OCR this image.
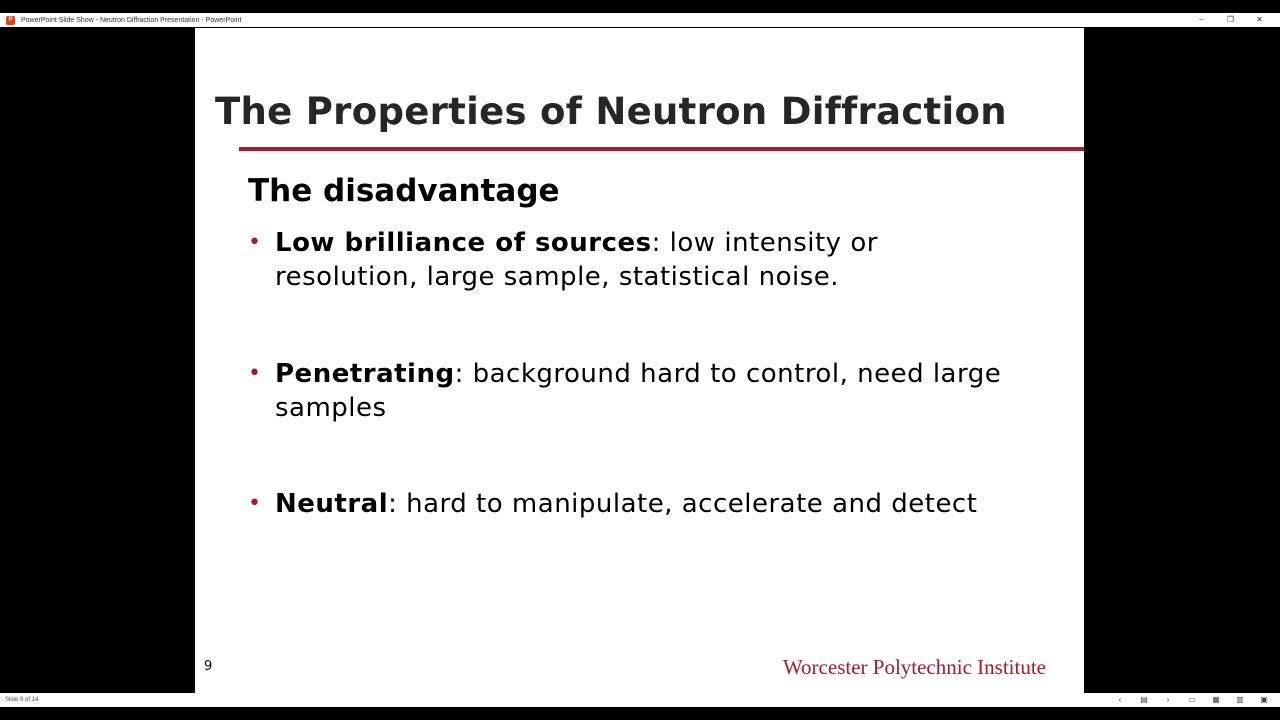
P	PowerPoint Slide Show - Neutron Diffraction Presentation - PowerPoint	–	❐	✕
The Properties of Neutron Diffraction
The disadvantage
• Low brilliance of sources: low intensity or resolution, large sample, statistical noise.
• Penetrating: background hard to control, need large samples
• Neutral: hard to manipulate, accelerate and detect
9	Worcester Polytechnic Institute
Slide 9 of 14	‹	▤	›	▭	▦	▥	▣
